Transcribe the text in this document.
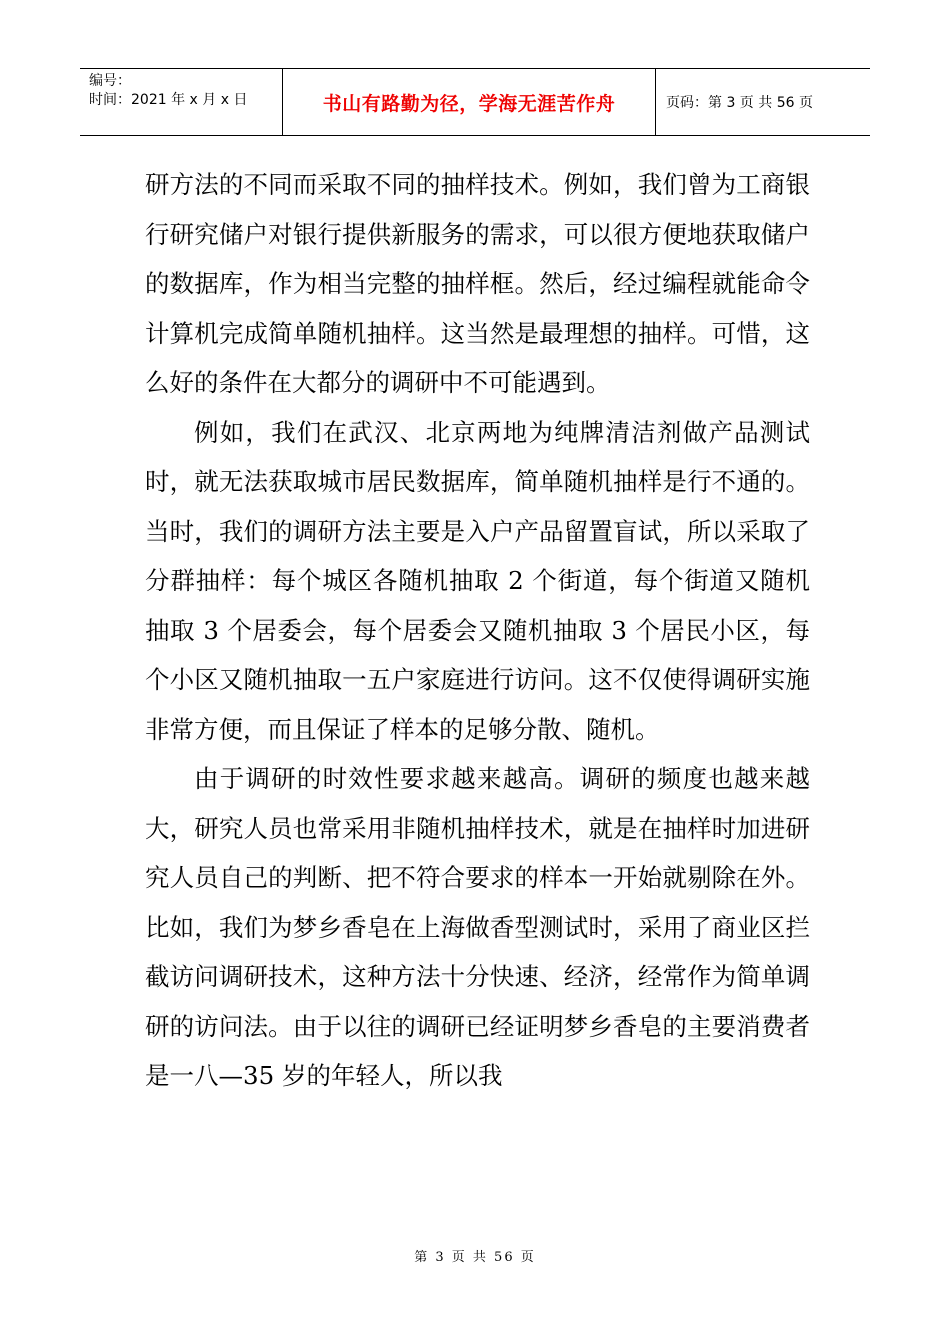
编号：
时间：2021 年 x 月 x 日	书山有路勤为径，学海无涯苦作舟	页码：第 3 页 共 56 页

研方法的不同而采取不同的抽样技术。例如，我们曾为工商银行研究储户对银行提供新服务的需求，可以很方便地获取储户的数据库，作为相当完整的抽样框。然后，经过编程就能命令计算机完成简单随机抽样。这当然是最理想的抽样。可惜，这么好的条件在大都分的调研中不可能遇到。

例如，我们在武汉、北京两地为纯牌清洁剂做产品测试时，就无法获取城市居民数据库，简单随机抽样是行不通的。当时，我们的调研方法主要是入户产品留置盲试，所以采取了分群抽样：每个城区各随机抽取 2 个街道，每个街道又随机抽取 3 个居委会，每个居委会又随机抽取 3 个居民小区，每个小区又随机抽取一五户家庭进行访问。这不仅使得调研实施非常方便，而且保证了样本的足够分散、随机。

由于调研的时效性要求越来越高。调研的频度也越来越大，研究人员也常采用非随机抽样技术，就是在抽样时加进研究人员自己的判断、把不符合要求的样本一开始就剔除在外。比如，我们为梦乡香皂在上海做香型测试时，采用了商业区拦截访问调研技术，这种方法十分快速、经济，经常作为简单调研的访问法。由于以往的调研已经证明梦乡香皂的主要消费者是一八—35 岁的年轻人，所以我

第 3 页 共 56 页
